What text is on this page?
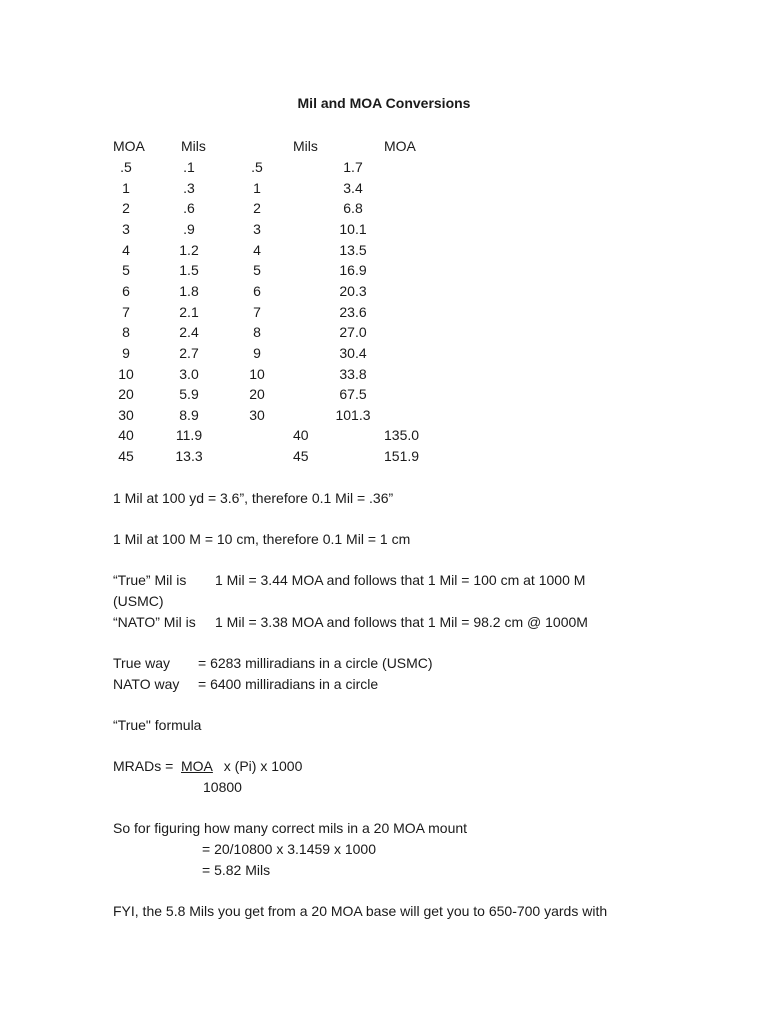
Mil and MOA Conversions
MOA	Mils	Mils	MOA
.5	.1	.5	1.7
1	.3	1	3.4
2	.6	2	6.8
3	.9	3	10.1
4	1.2	4	13.5
5	1.5	5	16.9
6	1.8	6	20.3
7	2.1	7	23.6
8	2.4	8	27.0
9	2.7	9	30.4
10	3.0	10	33.8
20	5.9	20	67.5
30	8.9	30	101.3
40	11.9	40	135.0
45	13.3	45	151.9
1 Mil at 100 yd = 3.6”, therefore 0.1 Mil = .36”
1 Mil at 100 M = 10 cm, therefore 0.1 Mil = 1 cm
“True” Mil is 1 Mil = 3.44 MOA and follows that 1 Mil = 100 cm at 1000 M
(USMC)
“NATO” Mil is 1 Mil = 3.38 MOA and follows that 1 Mil = 98.2 cm @ 1000M
True way = 6283 milliradians in a circle (USMC)
NATO way = 6400 milliradians in a circle
“True" formula
MRADs = MOA x (Pi) x 1000
10800
So for figuring how many correct mils in a 20 MOA mount
= 20/10800 x 3.1459 x 1000
= 5.82 Mils
FYI, the 5.8 Mils you get from a 20 MOA base will get you to 650-700 yards with
